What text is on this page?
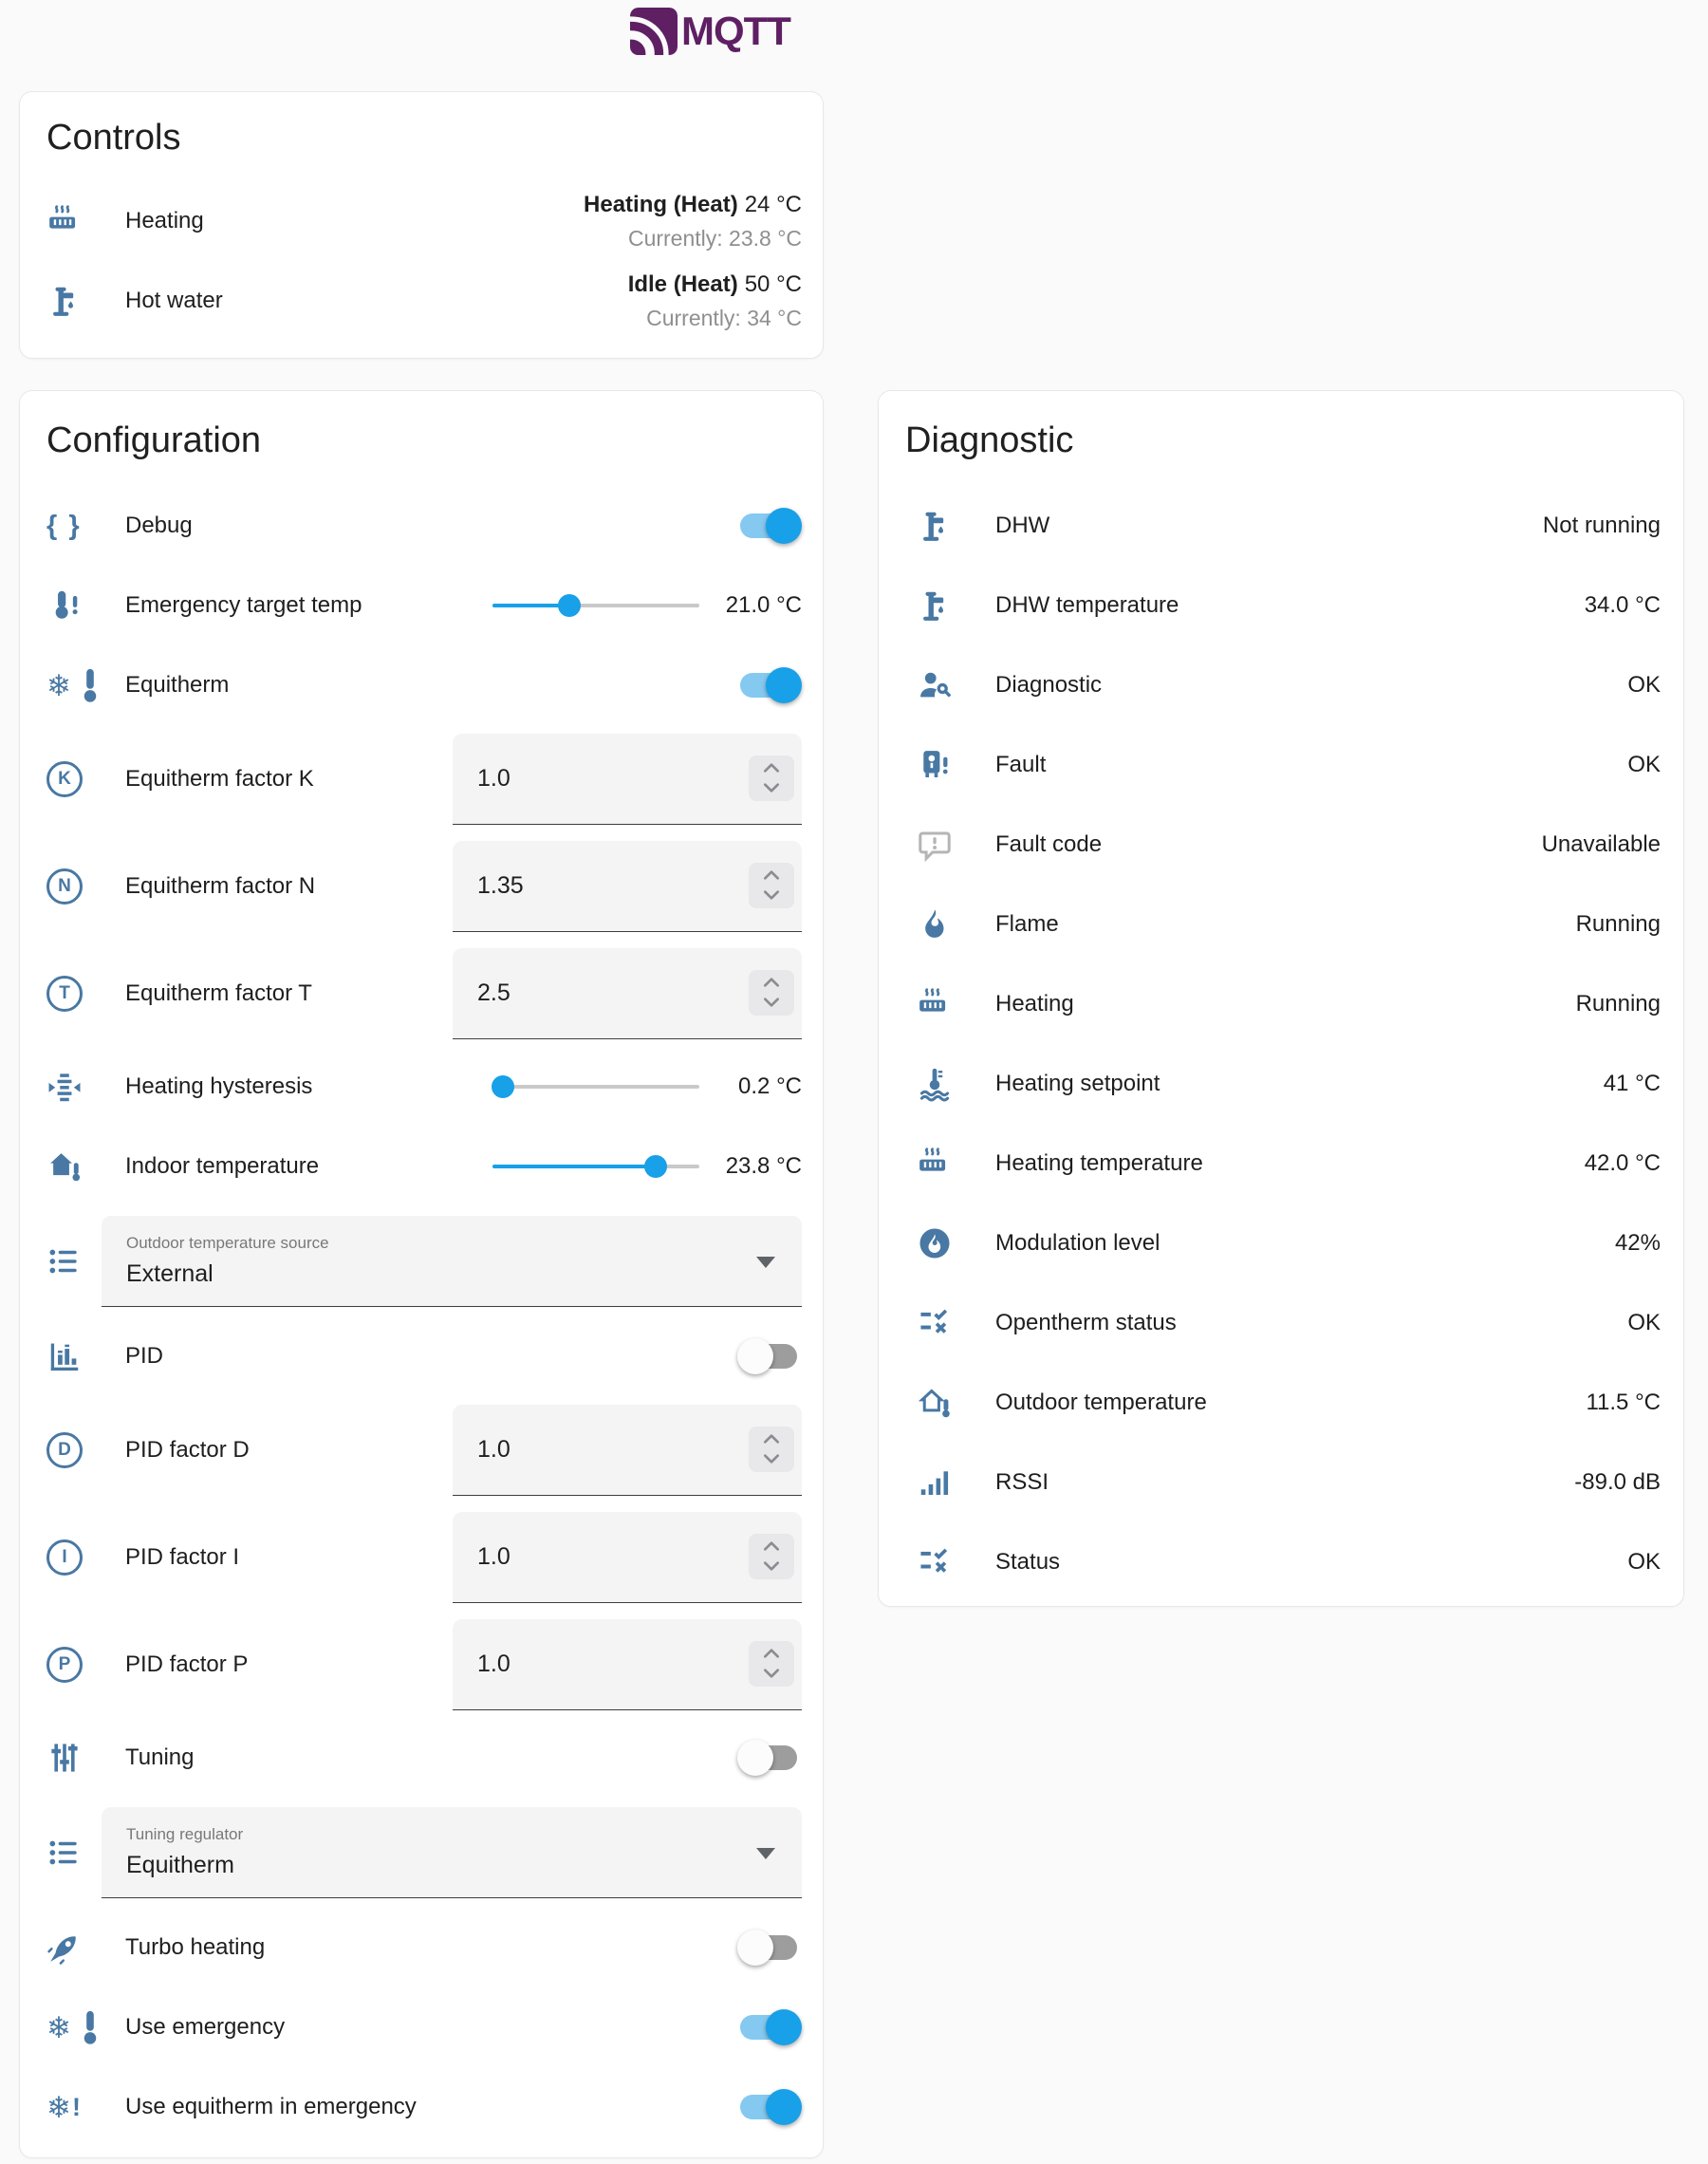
MQTT
Controls
Heating
Heating (Heat) 24 °C
Currently: 23.8 °C
Hot water
Idle (Heat) 50 °C
Currently: 34 °C
Configuration
{ }	Debug
Emergency target temp	21.0 °C
❄	Equitherm
K	Equitherm factor K	1.0
N	Equitherm factor N	1.35
T	Equitherm factor T	2.5
Heating hysteresis	0.2 °C
Indoor temperature	23.8 °C
Outdoor temperature source
External
PID
D	PID factor D	1.0
I	PID factor I	1.0
P	PID factor P	1.0
Tuning
Tuning regulator
Equitherm
Turbo heating
❄	Use emergency
❄ !	Use equitherm in emergency
Diagnostic
DHW	Not running
DHW temperature	34.0 °C
Diagnostic	OK
Fault	OK
Fault code	Unavailable
Flame	Running
Heating	Running
Heating setpoint	41 °C
Heating temperature	42.0 °C
Modulation level	42%
Opentherm status	OK
Outdoor temperature	11.5 °C
RSSI	-89.0 dB
Status	OK
